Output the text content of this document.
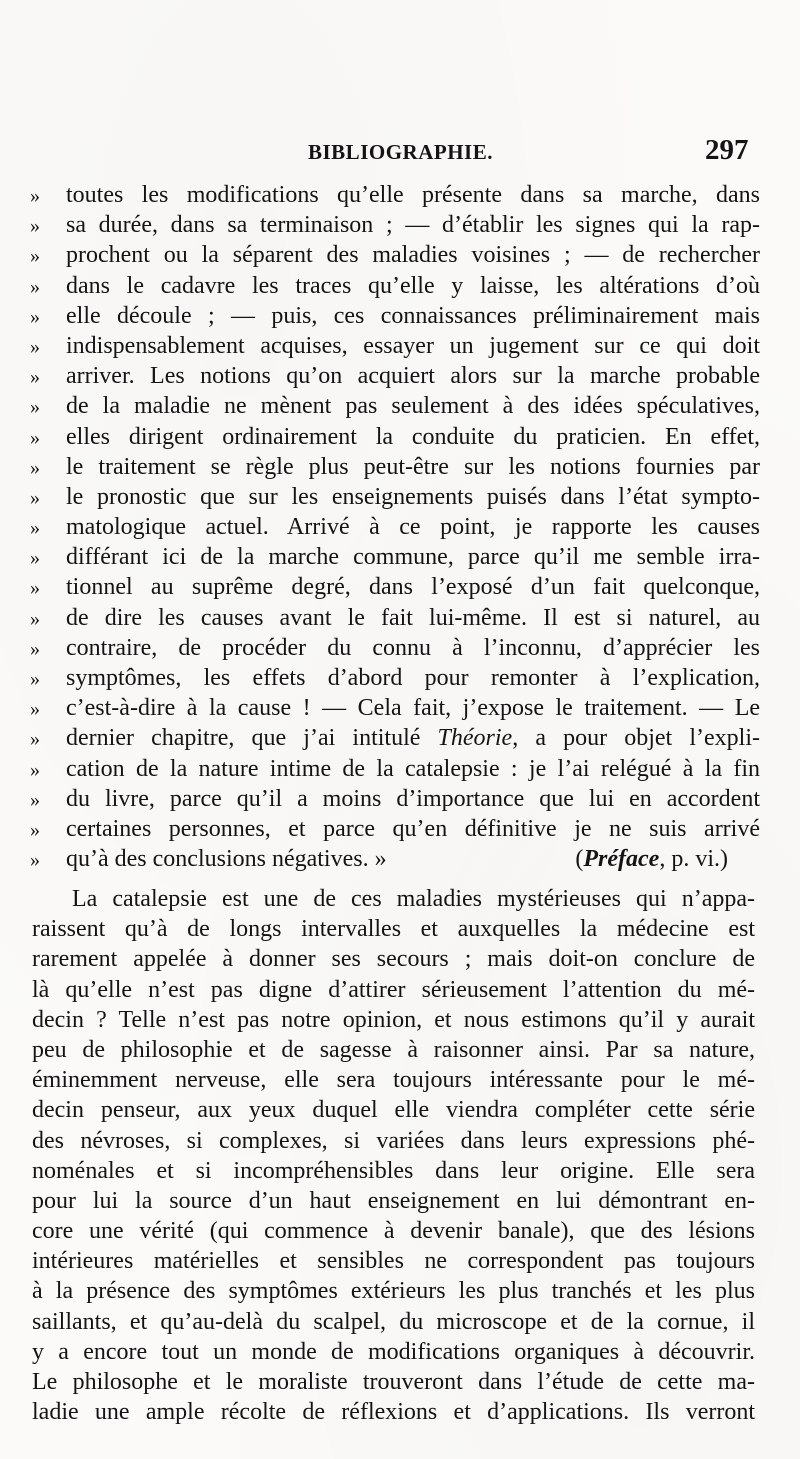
BIBLIOGRAPHIE.	297
» toutes les modifications qu’elle présente dans sa marche, dans
» sa durée, dans sa terminaison ; — d’établir les signes qui la rap-
» prochent ou la séparent des maladies voisines ; — de rechercher
» dans le cadavre les traces qu’elle y laisse, les altérations d’où
» elle découle ; — puis, ces connaissances préliminairement mais
» indispensablement acquises, essayer un jugement sur ce qui doit
» arriver. Les notions qu’on acquiert alors sur la marche probable
» de la maladie ne mènent pas seulement à des idées spéculatives,
» elles dirigent ordinairement la conduite du praticien. En effet,
» le traitement se règle plus peut-être sur les notions fournies par
» le pronostic que sur les enseignements puisés dans l’état sympto-
» matologique actuel. Arrivé à ce point, je rapporte les causes
» différant ici de la marche commune, parce qu’il me semble irra-
» tionnel au suprême degré, dans l’exposé d’un fait quelconque,
» de dire les causes avant le fait lui-même. Il est si naturel, au
» contraire, de procéder du connu à l’inconnu, d’apprécier les
» symptômes, les effets d’abord pour remonter à l’explication,
» c’est-à-dire à la cause ! — Cela fait, j’expose le traitement. — Le
» dernier chapitre, que j’ai intitulé Théorie, a pour objet l’expli-
» cation de la nature intime de la catalepsie : je l’ai relégué à la fin
» du livre, parce qu’il a moins d’importance que lui en accordent
» certaines personnes, et parce qu’en définitive je ne suis arrivé
» qu’à des conclusions négatives. »	(Préface, p. vi.)
La catalepsie est une de ces maladies mystérieuses qui n’appa-
raissent qu’à de longs intervalles et auxquelles la médecine est
rarement appelée à donner ses secours ; mais doit-on conclure de
là qu’elle n’est pas digne d’attirer sérieusement l’attention du mé-
decin ? Telle n’est pas notre opinion, et nous estimons qu’il y aurait
peu de philosophie et de sagesse à raisonner ainsi. Par sa nature,
éminemment nerveuse, elle sera toujours intéressante pour le mé-
decin penseur, aux yeux duquel elle viendra compléter cette série
des névroses, si complexes, si variées dans leurs expressions phé-
noménales et si incompréhensibles dans leur origine. Elle sera
pour lui la source d’un haut enseignement en lui démontrant en-
core une vérité (qui commence à devenir banale), que des lésions
intérieures matérielles et sensibles ne correspondent pas toujours
à la présence des symptômes extérieurs les plus tranchés et les plus
saillants, et qu’au-delà du scalpel, du microscope et de la cornue, il
y a encore tout un monde de modifications organiques à découvrir.
Le philosophe et le moraliste trouveront dans l’étude de cette ma-
ladie une ample récolte de réflexions et d’applications. Ils verront
